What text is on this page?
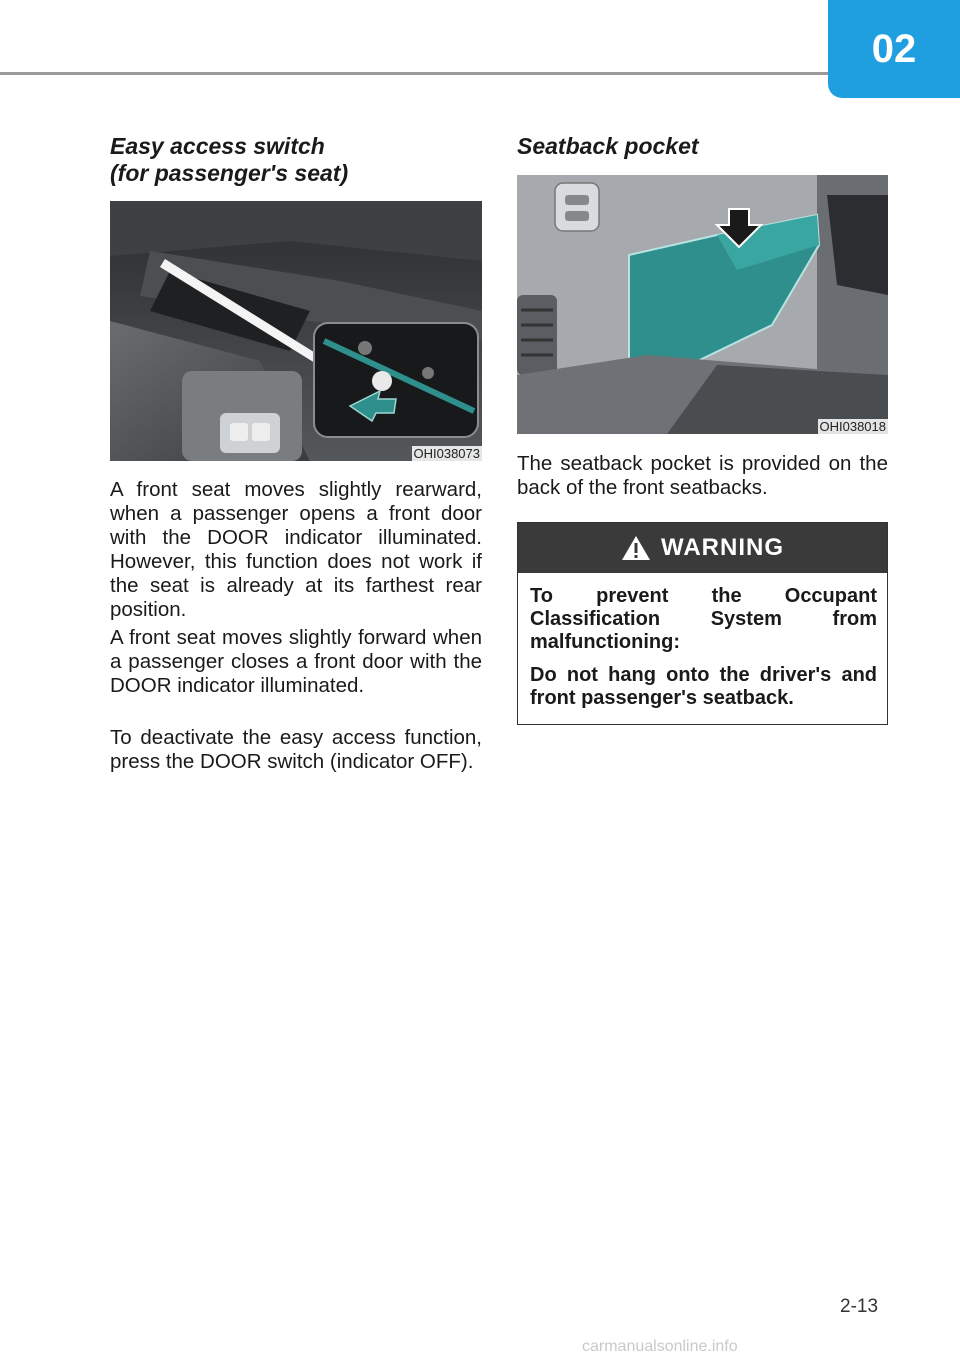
02
Easy access switch
(for passenger's seat)
OHI038073

A front seat moves slightly rearward, when a passenger opens a front door with the DOOR indicator illuminated. However, this function does not work if the seat is already at its farthest rear position.

A front seat moves slightly forward when a passenger closes a front door with the DOOR indicator illuminated.

To deactivate the easy access function, press the DOOR switch (indicator OFF).

Seatback pocket
OHI038018

The seatback pocket is provided on the back of the front seatbacks.

WARNING

To prevent the Occupant Classification System from malfunctioning:

Do not hang onto the driver's and front passenger's seatback.

2-13
carmanualsonline.info
